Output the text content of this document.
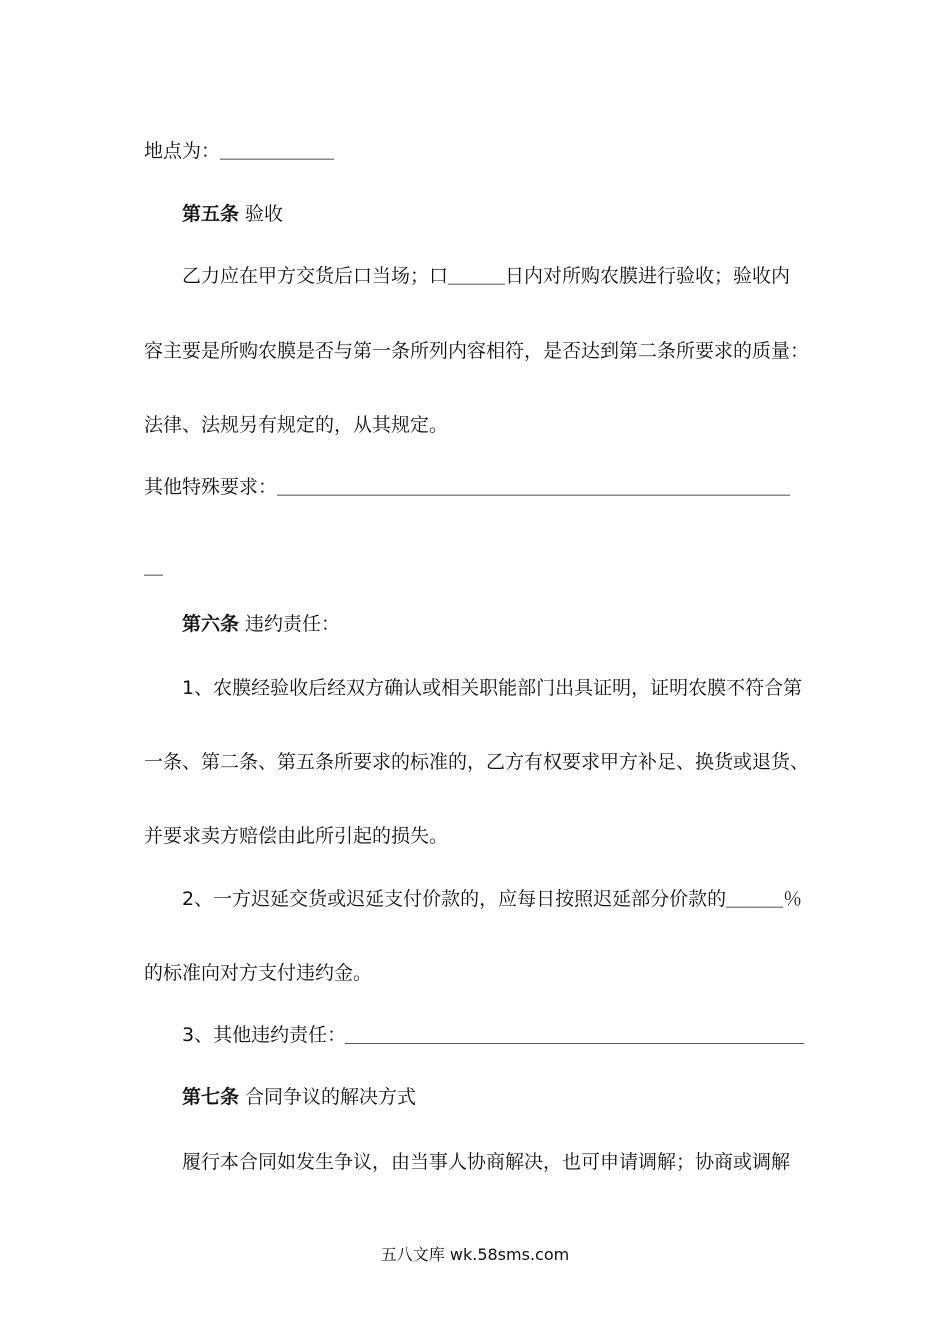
地点为：＿＿＿＿＿＿
第五条 验收
乙力应在甲方交货后口当场；口＿＿＿日内对所购农膜进行验收；验收内
容主要是所购农膜是否与第一条所列内容相符，是否达到第二条所要求的质量：
法律、法规另有规定的，从其规定。
其他特殊要求：＿＿＿＿＿＿＿＿＿＿＿＿＿＿＿＿＿＿＿＿＿＿＿＿＿＿＿
＿
第六条 违约责任：
1、农膜经验收后经双方确认或相关职能部门出具证明，证明农膜不符合第
一条、第二条、第五条所要求的标准的，乙方有权要求甲方补足、换货或退货、
并要求卖方赔偿由此所引起的损失。
2、一方迟延交货或迟延支付价款的，应每日按照迟延部分价款的＿＿＿％
的标准向对方支付违约金。
3、其他违约责任：
第七条 合同争议的解决方式
履行本合同如发生争议，由当事人协商解决，也可申请调解；协商或调解
五八文库 wk.58sms.com
